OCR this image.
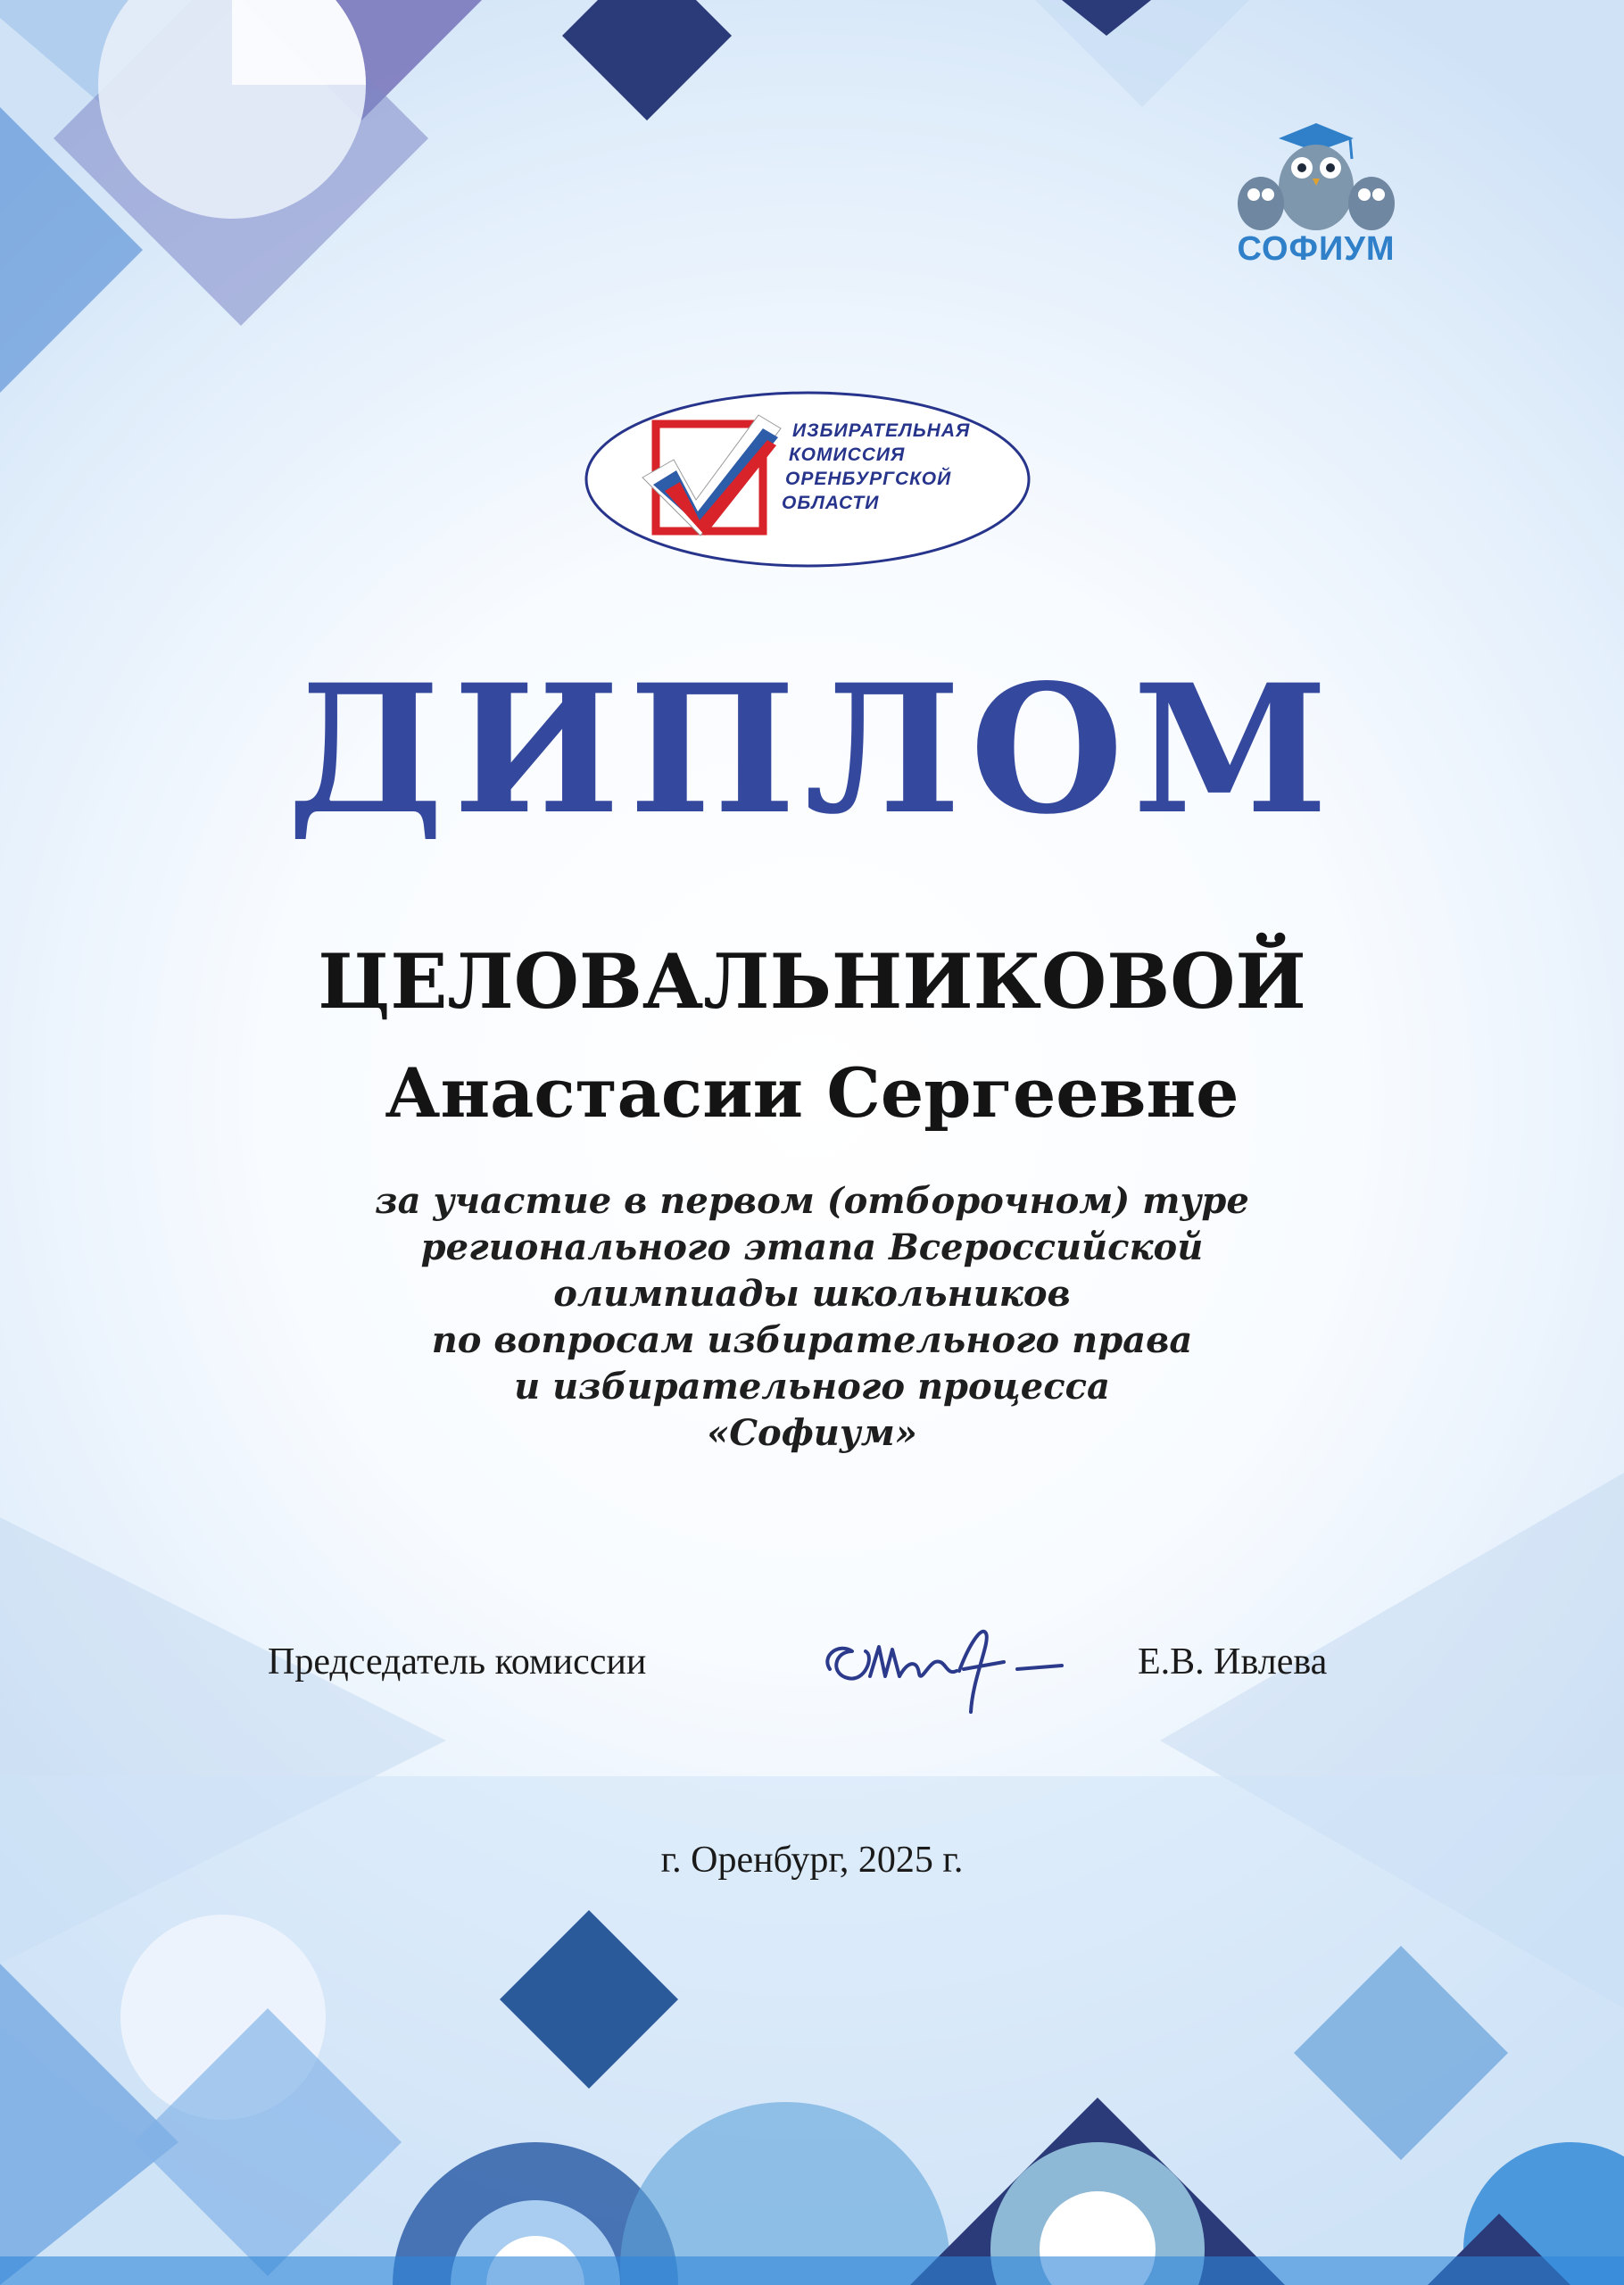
СОФИУМ
ИЗБИРАТЕЛЬНАЯ
КОМИССИЯ
ОРЕНБУРГСКОЙ
ОБЛАСТИ
ДИПЛОМ
ЦЕЛОВАЛЬНИКОВОЙ
Анастасии Сергеевне
за участие в первом (отборочном) туре
регионального этапа Всероссийской
олимпиады школьников
по вопросам избирательного права
и избирательного процесса
«Софиум»
Председатель комиссии	Е.В. Ивлева
г. Оренбург, 2025 г.
